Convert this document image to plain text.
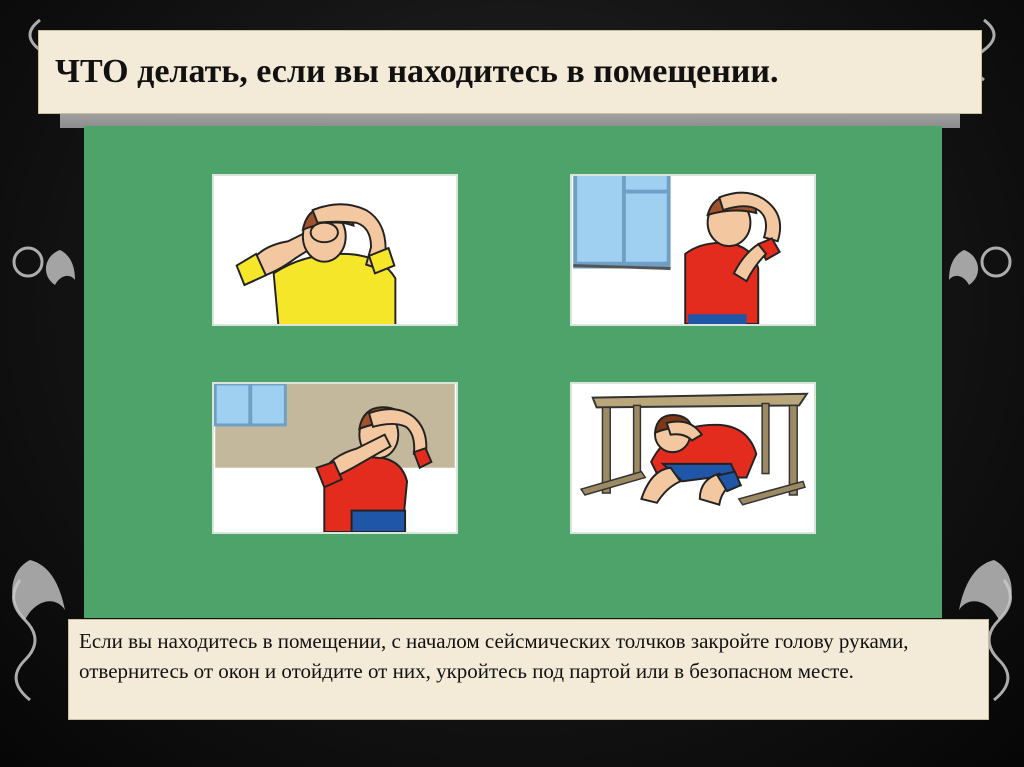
ЧТО делать, если вы находитесь в помещении.
Если вы находитесь в помещении, с началом сейсмических толчков закройте голову руками, отвернитесь от окон и отойдите от них, укройтесь под партой или в безопасном месте.
